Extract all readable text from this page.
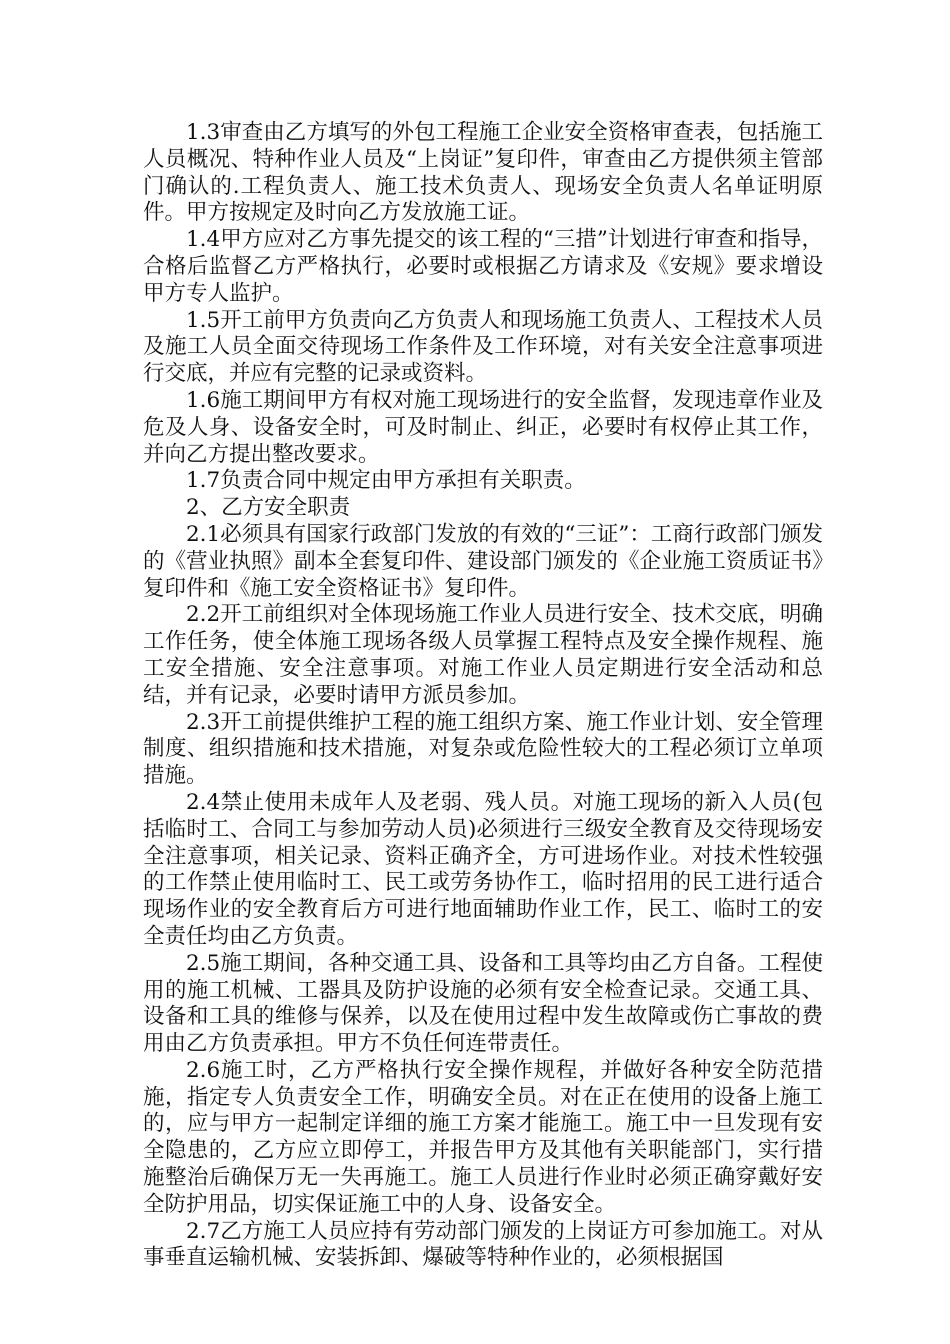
1.3审查由乙方填写的外包工程施工企业安全资格审查表，包括施工人员概况、特种作业人员及“上岗证”复印件，审查由乙方提供须主管部门确认的.工程负责人、施工技术负责人、现场安全负责人名单证明原件。甲方按规定及时向乙方发放施工证。

1.4甲方应对乙方事先提交的该工程的“三措”计划进行审查和指导，合格后监督乙方严格执行，必要时或根据乙方请求及《安规》要求增设甲方专人监护。

1.5开工前甲方负责向乙方负责人和现场施工负责人、工程技术人员及施工人员全面交待现场工作条件及工作环境，对有关安全注意事项进行交底，并应有完整的记录或资料。

1.6施工期间甲方有权对施工现场进行的安全监督，发现违章作业及危及人身、设备安全时，可及时制止、纠正，必要时有权停止其工作，并向乙方提出整改要求。

1.7负责合同中规定由甲方承担有关职责。

2、乙方安全职责

2.1必须具有国家行政部门发放的有效的“三证”：工商行政部门颁发的《营业执照》副本全套复印件、建设部门颁发的《企业施工资质证书》复印件和《施工安全资格证书》复印件。

2.2开工前组织对全体现场施工作业人员进行安全、技术交底，明确工作任务，使全体施工现场各级人员掌握工程特点及安全操作规程、施工安全措施、安全注意事项。对施工作业人员定期进行安全活动和总结，并有记录，必要时请甲方派员参加。

2.3开工前提供维护工程的施工组织方案、施工作业计划、安全管理制度、组织措施和技术措施，对复杂或危险性较大的工程必须订立单项措施。

2.4禁止使用未成年人及老弱、残人员。对施工现场的新入人员(包括临时工、合同工与参加劳动人员)必须进行三级安全教育及交待现场安全注意事项，相关记录、资料正确齐全，方可进场作业。对技术性较强的工作禁止使用临时工、民工或劳务协作工，临时招用的民工进行适合现场作业的安全教育后方可进行地面辅助作业工作，民工、临时工的安全责任均由乙方负责。

2.5施工期间，各种交通工具、设备和工具等均由乙方自备。工程使用的施工机械、工器具及防护设施的必须有安全检查记录。交通工具、设备和工具的维修与保养，以及在使用过程中发生故障或伤亡事故的费用由乙方负责承担。甲方不负任何连带责任。

2.6施工时，乙方严格执行安全操作规程，并做好各种安全防范措施，指定专人负责安全工作，明确安全员。对在正在使用的设备上施工的，应与甲方一起制定详细的施工方案才能施工。施工中一旦发现有安全隐患的，乙方应立即停工，并报告甲方及其他有关职能部门，实行措施整治后确保万无一失再施工。施工人员进行作业时必须正确穿戴好安全防护用品，切实保证施工中的人身、设备安全。

2.7乙方施工人员应持有劳动部门颁发的上岗证方可参加施工。对从事垂直运输机械、安装拆卸、爆破等特种作业的，必须根据国
